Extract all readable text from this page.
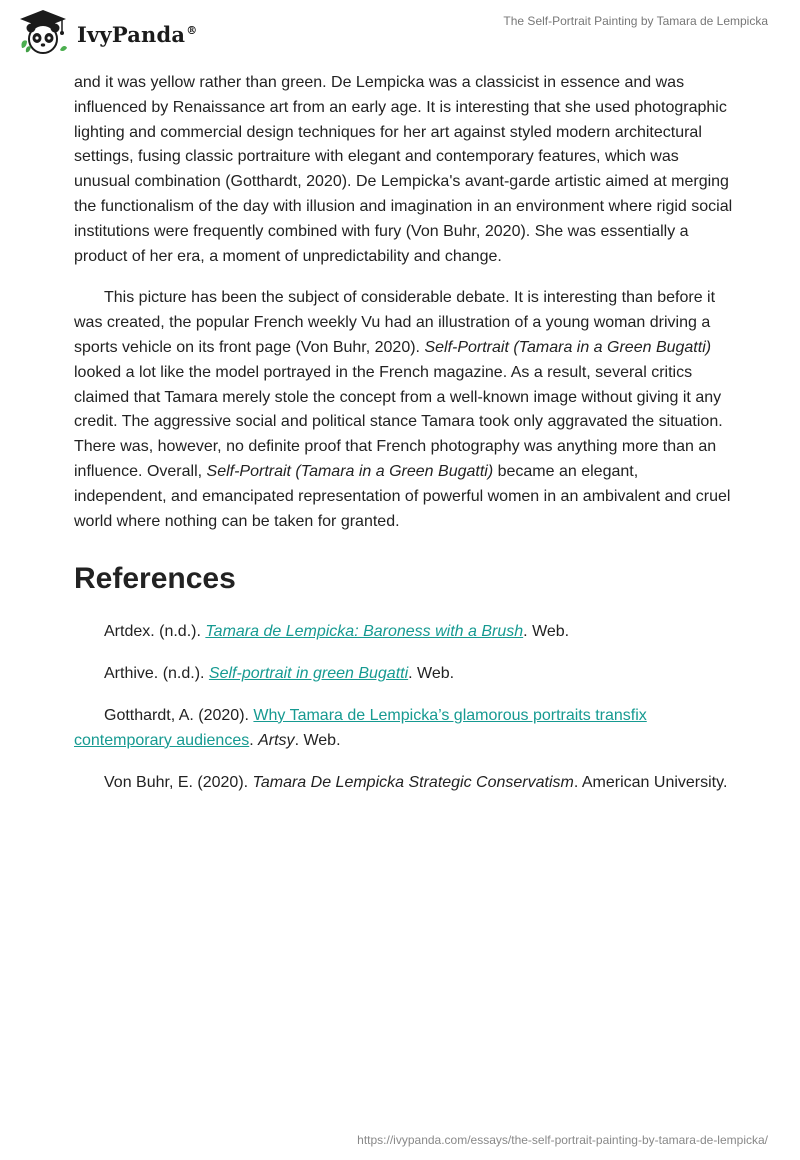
IvyPanda®
The Self-Portrait Painting by Tamara de Lempicka

and it was yellow rather than green. De Lempicka was a classicist in essence and was influenced by Renaissance art from an early age. It is interesting that she used photographic lighting and commercial design techniques for her art against styled modern architectural settings, fusing classic portraiture with elegant and contemporary features, which was unusual combination (Gotthardt, 2020). De Lempicka's avant-garde artistic aimed at merging the functionalism of the day with illusion and imagination in an environment where rigid social institutions were frequently combined with fury (Von Buhr, 2020). She was essentially a product of her era, a moment of unpredictability and change.

This picture has been the subject of considerable debate. It is interesting than before it was created, the popular French weekly Vu had an illustration of a young woman driving a sports vehicle on its front page (Von Buhr, 2020). Self-Portrait (Tamara in a Green Bugatti) looked a lot like the model portrayed in the French magazine. As a result, several critics claimed that Tamara merely stole the concept from a well-known image without giving it any credit. The aggressive social and political stance Tamara took only aggravated the situation. There was, however, no definite proof that French photography was anything more than an influence. Overall, Self-Portrait (Tamara in a Green Bugatti) became an elegant, independent, and emancipated representation of powerful women in an ambivalent and cruel world where nothing can be taken for granted.

References

Artdex. (n.d.). Tamara de Lempicka: Baroness with a Brush. Web.

Arthive. (n.d.). Self-portrait in green Bugatti. Web.

Gotthardt, A. (2020). Why Tamara de Lempicka’s glamorous portraits transfix contemporary audiences. Artsy. Web.

Von Buhr, E. (2020). Tamara De Lempicka Strategic Conservatism. American University.

https://ivypanda.com/essays/the-self-portrait-painting-by-tamara-de-lempicka/
